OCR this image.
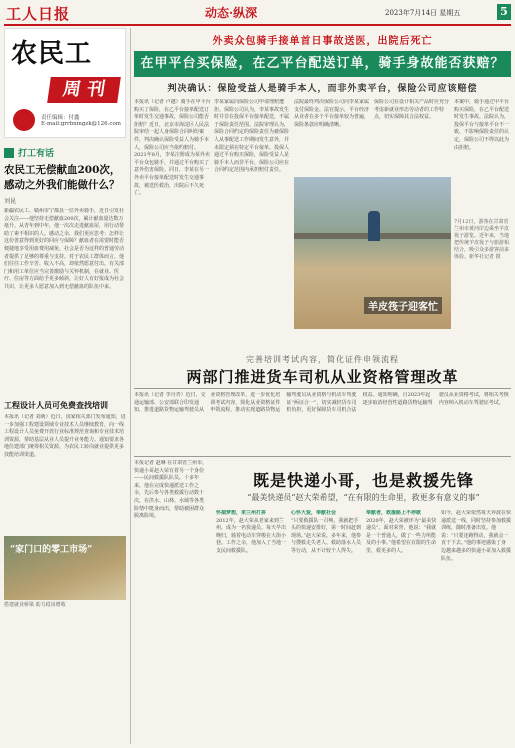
工人日报	动态·纵深	2023年7月14日 星期五	5
农民工
周 刊
责任编辑：付鑫
E-mail:grrbnmgzk@126.com
打工有话
农民工无偿献血200次，感动之外我们能做什么？
刘昆
新疆农民工、赣州市宁都县一位外卖骑手，近日引发社会关注——他坚持无偿献血200次，累计献血量达数万毫升。从青年到中年，他一次次走进献血屋，用行动帮助了素不相识的人。感动之余，我们更应思考：怎样让这份善意得到更好的回应与保障？献血者在需要时能否便捷地享受用血费用减免，社会是否为这样的普通劳动者提供了足够的尊重与支持。对于农民工群体而言，他们往往工作辛苦、收入不高，却依然愿意付出。有关部门和用工单位应当完善激励与关怀机制，在就业、医疗、住房等方面给予更多倾斜，让好人有好报成为社会共识，让更多人愿意加入到无偿献血的队伍中来。
工程设计人员可免费查找培训
本报讯（记者 刘萌）近日，国家相关部门发布通知，进一步加强工程建设领域专业技术人员继续教育，向一线工程设计人员免费开放行业标准规范查询和专业技术培训资源，帮助基层从业人员提升业务能力。通知要求各地住建部门统筹相关资源，为农民工转岗就业提供更多技能培训渠道。
“家门口的零工市场”
搭建就业桥梁 助力稳岗增收
外卖众包骑手接单首日事故送医，出院后死亡
在甲平台买保险，在乙平台配送订单，骑手身故能否获赔？
判决确认：保险受益人是骑手本人，而非外卖平台，保险公司应该赔偿
本报讯（记者 卢越）骑手在甲平台购买了保险，在乙平台接单配送订单时发生交通事故，保险公司能否拒赔？近日，北京市海淀区人民法院审结一起人身保险合同纠纷案件，判决确认保险受益人为骑手本人，保险公司应当依约赔付。2021年8月，李某注册成为某外卖平台众包骑手，并通过平台购买了意外伤害保险。同日，李某在另一外卖平台接单配送时发生交通事故，被送医救治，出院后不久死亡。
李某家属向保险公司申请理赔遭拒。保险公司认为，李某事故发生时并非在投保平台接单配送，不属于保险责任范围。法院审理认为，保险合同约定的保险责任为被保险人从事配送工作期间发生意外，并未限定须在特定平台接单。投保人通过平台购买保险，保险受益人是骑手本人而非平台，保险公司应在合同约定范围内承担赔付责任。
法院最终判决保险公司向李某家属支付保险金。法官提示，平台经济从业者在多个平台接单较为普遍，保险条款应明确清晰。
保险公司在设计相关产品时应充分考虑新就业形态劳动者的工作特点，切实保障其合法权益。
本案中，骑手通过甲平台购买保险，在乙平台配送时发生事故。法院认为，投保平台与接单平台不一致，不影响保险责任的认定，保险公司不得以此为由拒赔。
羊皮筏子迎客忙
7月12日，游客在甘肃省兰州市黄河岸边乘坐羊皮筏子游览。近年来，当地把传统羊皮筏子与旅游相结合，吸引众多游客前来体验。新华社记者 摄
完善培训考试内容，简化证件申领流程
两部门推进货车司机从业资格管理改革
本报讯（记者 李丹青）近日，交通运输部、公安部联合印发通知，推进道路货物运输驾驶员从业资格管理改革，进一步优化培训考试内容，简化从业资格证件申领流程，推动实现道路货物运输驾驶员从业资格与机动车驾驶证“两证合一”，切实减轻货车司机负担，更好保障货车司机合法权益。通知明确，自2023年起逐步取消经营性道路货物运输驾驶员从业资格考试，将相关考核内容纳入机动车驾驶证考试。
本报记者 赵琳 在甘肃省兰州市，快递小哥赵大荣有着另一个身份——民间救援队队员。十多年来，他在完成快递派送工作之余，先后参与各类救援行动数十次，在洪水、山林、水域等各类险情中挺身而出，帮助被困群众脱离险境。
既是快递小哥，也是救援先锋
“最美快递员”赵大荣希望，“在有限的生命里，救更多有意义的事”
怀揣梦想，来兰州打拼
2012年，赵大荣从老家来到兰州，成为一名快递员。每天早出晚归，骑着电动车穿梭在大街小巷。工作之余，他加入了当地一支民间救援队。
心怀大爱，奉献社会
“只要救援队一召唤，我就把手头的快递安排好，第一时间赶到现场。”赵大荣说。多年来，他参与搜救走失老人、救助落水人员等行动，从不计较个人得失。
奉献者，救援路上不停歇
2020年，赵大荣被评为“最美快递员”。面对荣誉，他说：“我就是一个普通人，做了一些力所能及的小事。”他希望在有限的生命里，救更多的人。
如今，赵大荣依然每天奔波在快递派送一线，同时坚持参加救援训练，随时准备出发。他说：“只要还跑得动，我就会一直干下去。”他的事迹感染了身边越来越多的快递小哥加入救援队伍。
